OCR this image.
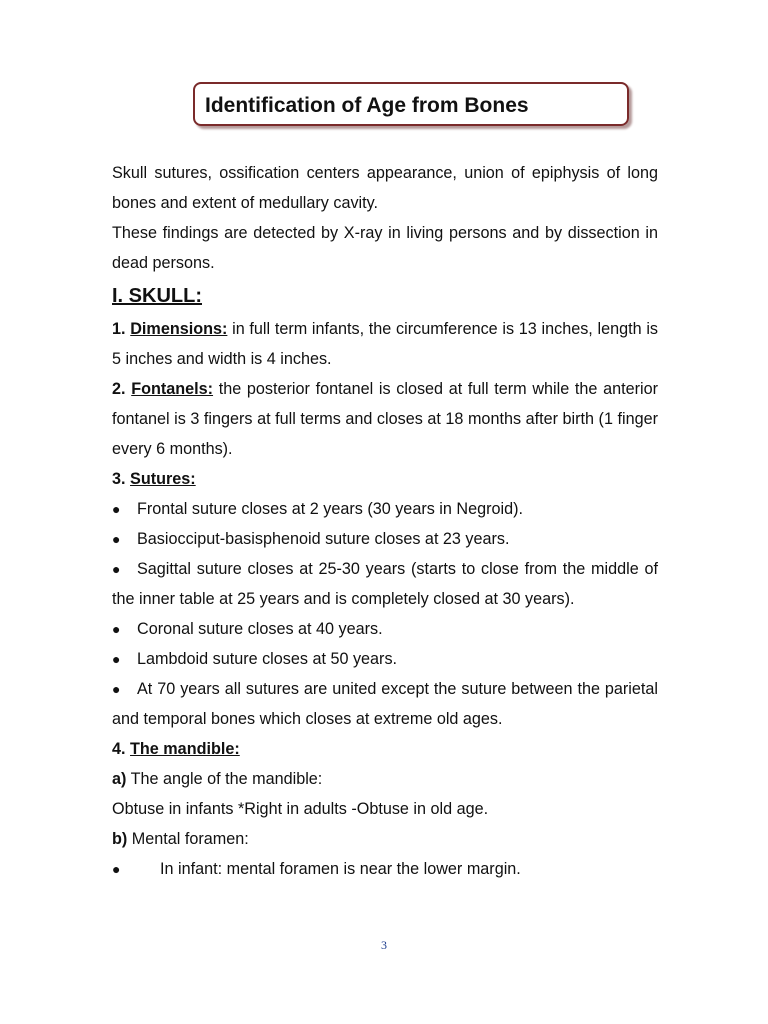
Identification of Age from Bones

Skull sutures, ossification centers appearance, union of epiphysis of long bones and extent of medullary cavity.

These findings are detected by X-ray in living persons and by dissection in dead persons.

I. SKULL:

1. Dimensions: in full term infants, the circumference is 13 inches, length is 5 inches and width is 4 inches.

2. Fontanels: the posterior fontanel is closed at full term while the anterior fontanel is 3 fingers at full terms and closes at 18 months after birth (1 finger every 6 months).

3. Sutures:

● Frontal suture closes at 2 years (30 years in Negroid).

● Basiocciput-basisphenoid suture closes at 23 years.

● Sagittal suture closes at 25-30 years (starts to close from the middle of the inner table at 25 years and is completely closed at 30 years).

● Coronal suture closes at 40 years.

● Lambdoid suture closes at 50 years.

● At 70 years all sutures are united except the suture between the parietal and temporal bones which closes at extreme old ages.

4. The mandible:

a) The angle of the mandible:

Obtuse in infants *Right in adults -Obtuse in old age.

b) Mental foramen:

● In infant: mental foramen is near the lower margin.

3
